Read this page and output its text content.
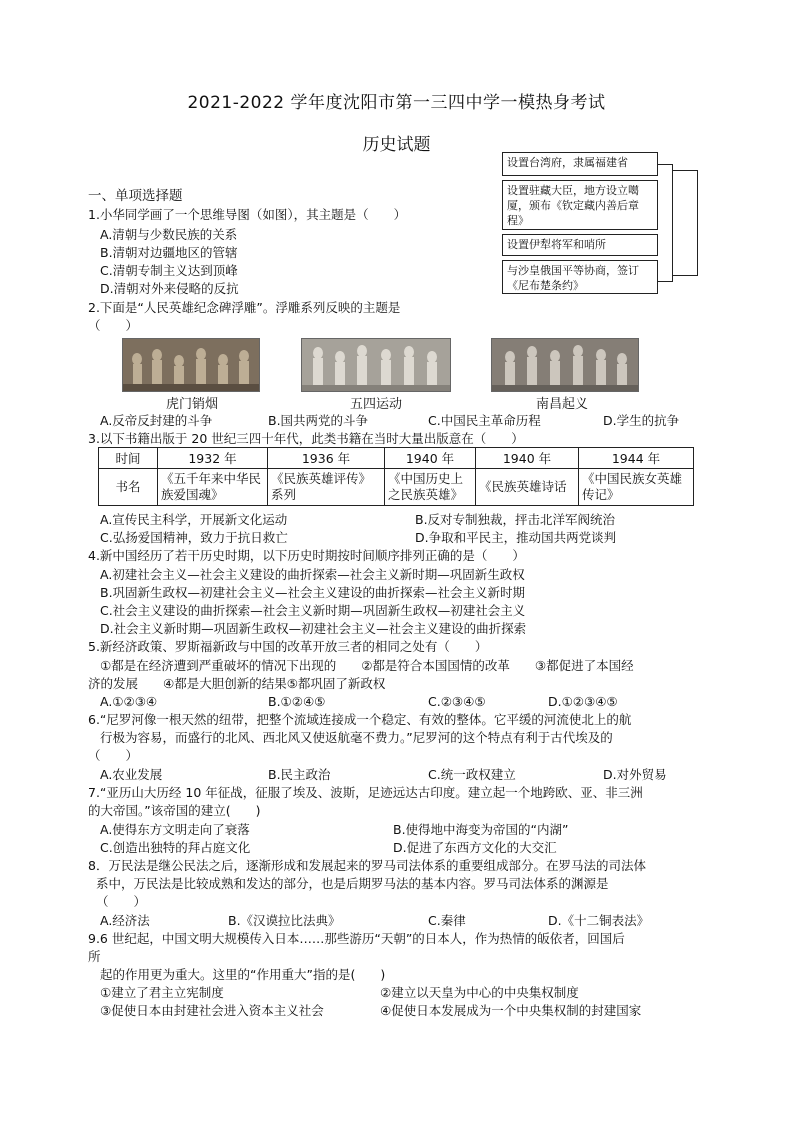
2021-2022 学年度沈阳市第一三四中学一模热身考试
历史试题
设置台湾府，隶属福建省
设置驻藏大臣，地方设立噶厦，颁布《钦定藏内善后章程》
设置伊犁将军和哨所
与沙皇俄国平等协商，签订《尼布楚条约》
一、单项选择题
1.小华同学画了一个思维导图（如图），其主题是（　　）
A.清朝与少数民族的关系
B.清朝对边疆地区的管辖
C.清朝专制主义达到顶峰
D.清朝对外来侵略的反抗
2.下面是“人民英雄纪念碑浮雕”。浮雕系列反映的主题是
（　　）
虎门销烟	五四运动	南昌起义
A.反帝反封建的斗争	B.国共两党的斗争	C.中国民主革命历程	D.学生的抗争
3.以下书籍出版于 20 世纪三四十年代，此类书籍在当时大量出版意在（　　）
时间	1932 年	1936 年	1940 年	1940 年	1944 年
书名	《五千年来中华民族爱国魂》	《民族英雄评传》系列	《中国历史上之民族英雄》	《民族英雄诗话	《中国民族女英雄传记》
A.宣传民主科学，开展新文化运动	B.反对专制独裁，抨击北洋军阀统治
C.弘扬爱国精神，致力于抗日救亡	D.争取和平民主，推动国共两党谈判
4.新中国经历了若干历史时期，以下历史时期按时间顺序排列正确的是（　　）
A.初建社会主义—社会主义建设的曲折探索—社会主义新时期—巩固新生政权
B.巩固新生政权—初建社会主义—社会主义建设的曲折探索—社会主义新时期
C.社会主义建设的曲折探索—社会主义新时期—巩固新生政权—初建社会主义
D.社会主义新时期—巩固新生政权—初建社会主义—社会主义建设的曲折探索
5.新经济政策、罗斯福新政与中国的改革开放三者的相同之处有（　　）
①都是在经济遭到严重破坏的情况下出现的　　②都是符合本国国情的改革　　③都促进了本国经
济的发展　　④都是大胆创新的结果⑤都巩固了新政权
A.①②③④	B.①②④⑤	C.②③④⑤	D.①②③④⑤
6.“尼罗河像一根天然的纽带，把整个流域连接成一个稳定、有效的整体。它平缓的河流使北上的航
行极为容易，而盛行的北风、西北风又使返航毫不费力。”尼罗河的这个特点有利于古代埃及的
（　　）
A.农业发展	B.民主政治	C.统一政权建立	D.对外贸易
7.“亚历山大历经 10 年征战，征服了埃及、波斯，足迹远达古印度。建立起一个地跨欧、亚、非三洲
的大帝国。”该帝国的建立(　　)
A.使得东方文明走向了衰落	B.使得地中海变为帝国的“内湖”
C.创造出独特的拜占庭文化	D.促进了东西方文化的大交汇
8．万民法是继公民法之后，逐渐形成和发展起来的罗马司法体系的重要组成部分。在罗马法的司法体
系中，万民法是比较成熟和发达的部分，也是后期罗马法的基本内容。罗马司法体系的渊源是
（　　）
A.经济法	B.《汉谟拉比法典》	C.秦律	D.《十二铜表法》
9.6 世纪起，中国文明大规模传入日本……那些游历“天朝”的日本人，作为热情的皈依者，回国后
所
起的作用更为重大。这里的“作用重大”指的是(　　)
①建立了君主立宪制度	②建立以天皇为中心的中央集权制度
③促使日本由封建社会进入资本主义社会	④促使日本发展成为一个中央集权制的封建国家
